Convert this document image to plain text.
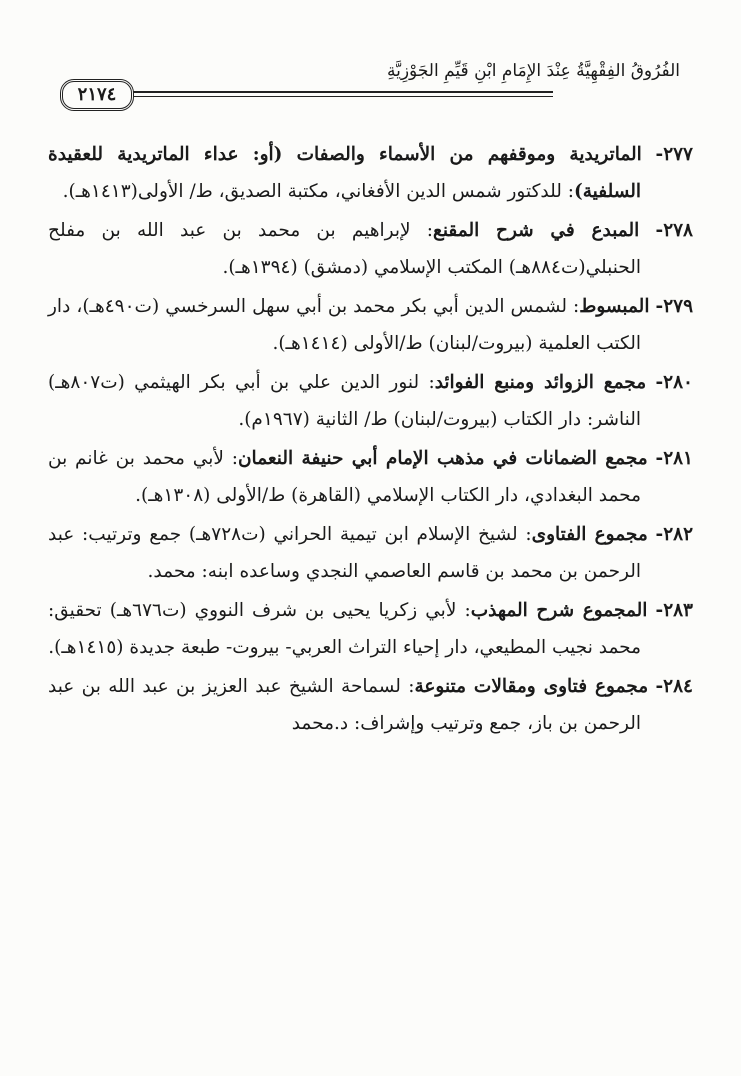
الفُرُوقُ الفِقْهِيَّةُ عِنْدَ الإِمَامِ ابْنِ قَيِّمِ الجَوْزِيَّةِ
٢١٧٤

٢٧٧- الماتريدية وموقفهم من الأسماء والصفات (أو: عداء الماتريدية للعقيدة السلفية): للدكتور شمس الدين الأفغاني، مكتبة الصديق، ط/ الأولى(١٤١٣هـ).

٢٧٨- المبدع في شرح المقنع: لإبراهيم بن محمد بن عبد الله بن مفلح الحنبلي(ت٨٨٤هـ) المكتب الإسلامي (دمشق) (١٣٩٤هـ).

٢٧٩- المبسوط: لشمس الدين أبي بكر محمد بن أبي سهل السرخسي (ت٤٩٠هـ)، دار الكتب العلمية (بيروت/لبنان) ط/الأولى (١٤١٤هـ).

٢٨٠- مجمع الزوائد ومنبع الفوائد: لنور الدين علي بن أبي بكر الهيثمي (ت٨٠٧هـ) الناشر: دار الكتاب (بيروت/لبنان) ط/ الثانية (١٩٦٧م).

٢٨١- مجمع الضمانات في مذهب الإمام أبي حنيفة النعمان: لأبي محمد بن غانم بن محمد البغدادي، دار الكتاب الإسلامي (القاهرة) ط/الأولى (١٣٠٨هـ).

٢٨٢- مجموع الفتاوى: لشيخ الإسلام ابن تيمية الحراني (ت٧٢٨هـ) جمع وترتيب: عبد الرحمن بن محمد بن قاسم العاصمي النجدي وساعده ابنه: محمد.

٢٨٣- المجموع شرح المهذب: لأبي زكريا يحيى بن شرف النووي (ت٦٧٦هـ) تحقيق: محمد نجيب المطيعي، دار إحياء التراث العربي- بيروت- طبعة جديدة (١٤١٥هـ).

٢٨٤- مجموع فتاوى ومقالات متنوعة: لسماحة الشيخ عبد العزيز بن عبد الله بن عبد الرحمن بن باز، جمع وترتيب وإشراف: د.محمد
